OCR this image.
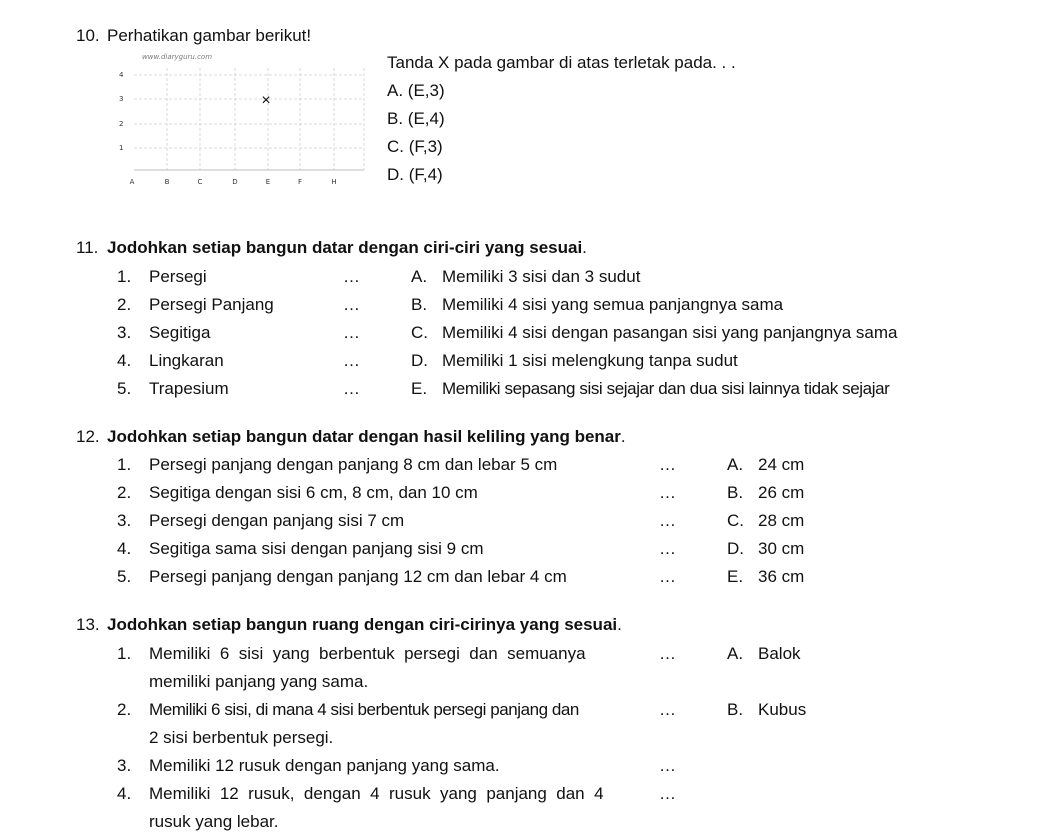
10. Perhatikan gambar berikut!
www.diaryguru.com
1
2
3
4
A	B	C	D	E	F	H
×
Tanda X pada gambar di atas terletak pada. . .
A. (E,3)
B. (E,4)
C. (F,3)
D. (F,4)
11. Jodohkan setiap bangun datar dengan ciri-ciri yang sesuai.
1. Persegi	…	A. Memiliki 3 sisi dan 3 sudut
2. Persegi Panjang	…	B. Memiliki 4 sisi yang semua panjangnya sama
3. Segitiga	…	C. Memiliki 4 sisi dengan pasangan sisi yang panjangnya sama
4. Lingkaran	…	D. Memiliki 1 sisi melengkung tanpa sudut
5. Trapesium	…	E. Memiliki sepasang sisi sejajar dan dua sisi lainnya tidak sejajar
12. Jodohkan setiap bangun datar dengan hasil keliling yang benar.
1. Persegi panjang dengan panjang 8 cm dan lebar 5 cm	…	A. 24 cm
2. Segitiga dengan sisi 6 cm, 8 cm, dan 10 cm	…	B. 26 cm
3. Persegi dengan panjang sisi 7 cm	…	C. 28 cm
4. Segitiga sama sisi dengan panjang sisi 9 cm	…	D. 30 cm
5. Persegi panjang dengan panjang 12 cm dan lebar 4 cm	…	E. 36 cm
13. Jodohkan setiap bangun ruang dengan ciri-cirinya yang sesuai.
1. Memiliki  6  sisi  yang  berbentuk  persegi  dan  semuanya
memiliki panjang yang sama.
…	A. Balok
2. Memiliki 6 sisi, di mana 4 sisi berbentuk persegi panjang dan
2 sisi berbentuk persegi.
…	B. Kubus
3. Memiliki 12 rusuk dengan panjang yang sama.	…
4. Memiliki  12  rusuk,  dengan  4  rusuk  yang  panjang  dan  4
rusuk yang lebar.
…
